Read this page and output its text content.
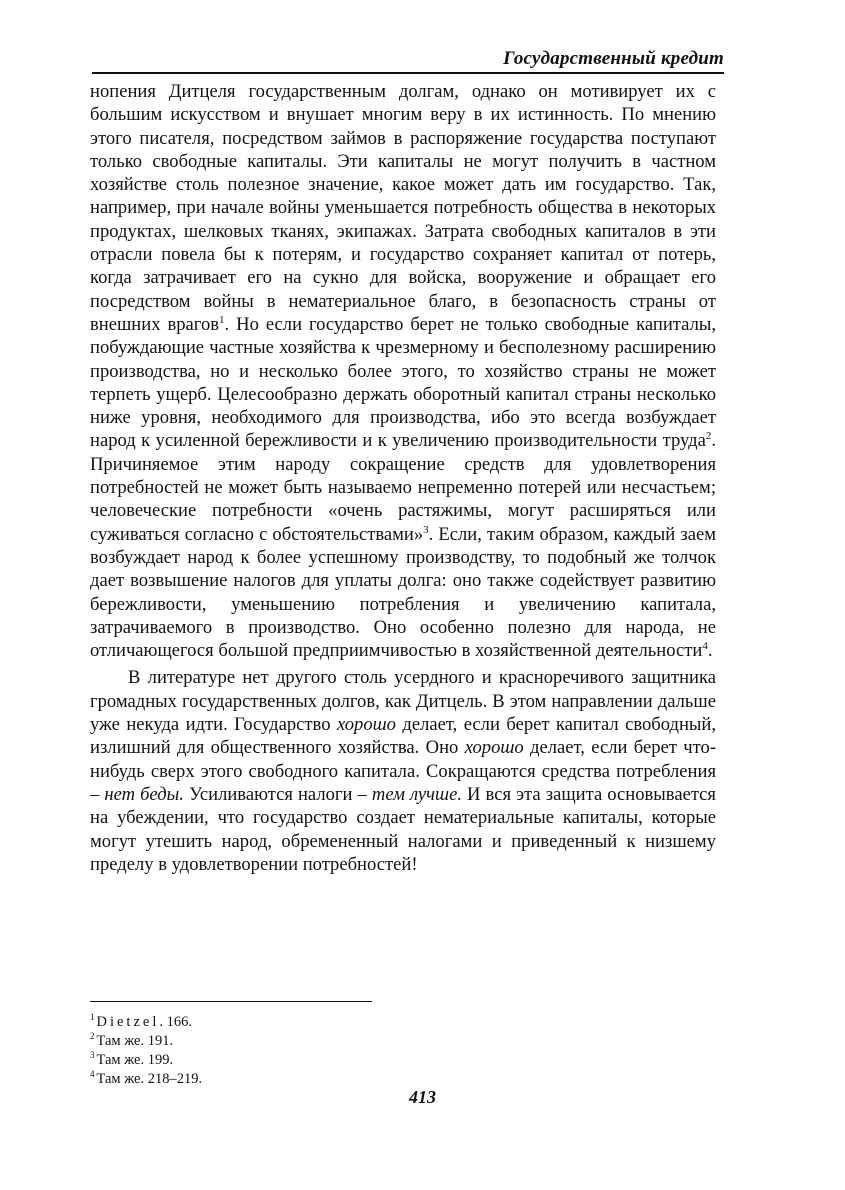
Государственный кредит

нопения Дитцеля государственным долгам, однако он мотивирует их с большим искусством и внушает многим веру в их истинность. По мнению этого писателя, посредством займов в распоряжение государства поступают только свободные капиталы. Эти капиталы не могут получить в частном хозяйстве столь полезное значение, какое может дать им государство. Так, например, при начале войны уменьшается потребность общества в некоторых продуктах, шелковых тканях, экипажах. Затрата свободных капиталов в эти отрасли повела бы к потерям, и государство сохраняет капитал от потерь, когда затрачивает его на сукно для войска, вооружение и обращает его посредством войны в нематериальное благо, в безопасность страны от внешних врагов$^1$. Но если государство берет не только свободные капиталы, побуждающие частные хозяйства к чрезмерному и бесполезному расширению производства, но и несколько более этого, то хозяйство страны не может терпеть ущерб. Целесообразно держать оборотный капитал страны несколько ниже уровня, необходимого для производства, ибо это всегда возбуждает народ к усиленной бережливости и к увеличению производительности труда$^2$. Причиняемое этим народу сокращение средств для удовлетворения потребностей не может быть называемо непременно потерей или несчастьем; человеческие потребности «очень растяжимы, могут расширяться или суживаться согласно с обстоятельствами»$^3$. Если, таким образом, каждый заем возбуждает народ к более успешному производству, то подобный же толчок дает возвышение налогов для уплаты долга: оно также содействует развитию бережливости, уменьшению потребления и увеличению капитала, затрачиваемого в производство. Оно особенно полезно для народа, не отличающегося большой предприимчивостью в хозяйственной деятельности$^4$.

В литературе нет другого столь усердного и красноречивого защитника громадных государственных долгов, как Дитцель. В этом направлении дальше уже некуда идти. Государство хорошо делает, если берет капитал свободный, излишний для общественного хозяйства. Оно хорошо делает, если берет что-нибудь сверх этого свободного капитала. Сокращаются средства потребления – нет беды. Усиливаются налоги – тем лучше. И вся эта защита основывается на убеждении, что государство создает нематериальные капиталы, которые могут утешить народ, обремененный налогами и приведенный к низшему пределу в удовлетворении потребностей!

$^1$ Dietzel. 166.
$^2$ Там же. 191.
$^3$ Там же. 199.
$^4$ Там же. 218–219.
413
